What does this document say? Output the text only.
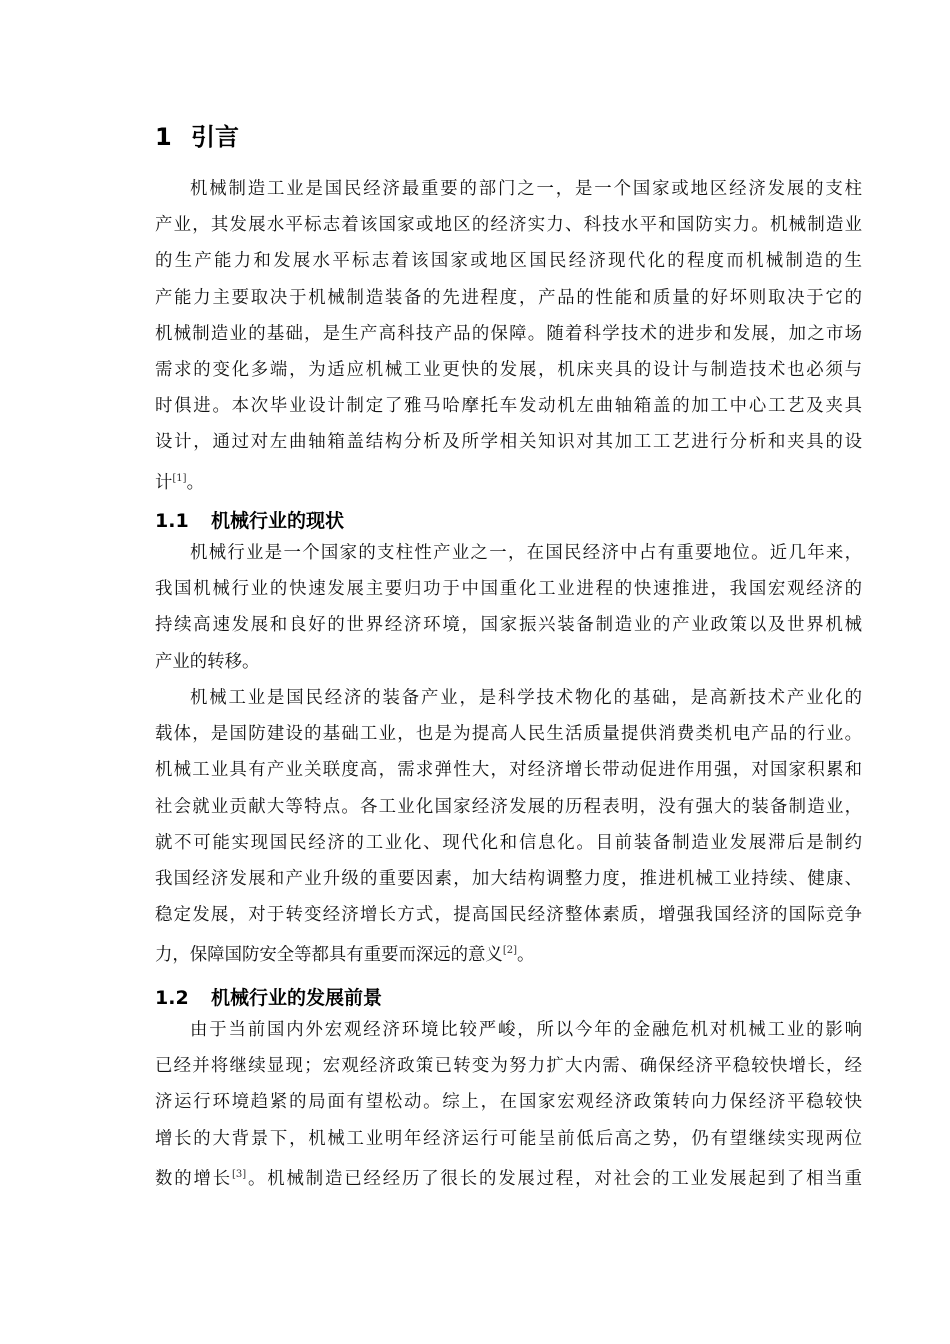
1 引言
机械制造工业是国民经济最重要的部门之一，是一个国家或地区经济发展的支柱
产业，其发展水平标志着该国家或地区的经济实力、科技水平和国防实力。机械制造业
的生产能力和发展水平标志着该国家或地区国民经济现代化的程度而机械制造的生
产能力主要取决于机械制造装备的先进程度，产品的性能和质量的好坏则取决于它的
机械制造业的基础，是生产高科技产品的保障。随着科学技术的进步和发展，加之市场
需求的变化多端，为适应机械工业更快的发展，机床夹具的设计与制造技术也必须与
时俱进。本次毕业设计制定了雅马哈摩托车发动机左曲轴箱盖的加工中心工艺及夹具
设计，通过对左曲轴箱盖结构分析及所学相关知识对其加工工艺进行分析和夹具的设
计[1]。
1.1 机械行业的现状
机械行业是一个国家的支柱性产业之一，在国民经济中占有重要地位。近几年来，
我国机械行业的快速发展主要归功于中国重化工业进程的快速推进，我国宏观经济的
持续高速发展和良好的世界经济环境，国家振兴装备制造业的产业政策以及世界机械
产业的转移。
机械工业是国民经济的装备产业，是科学技术物化的基础，是高新技术产业化的
载体，是国防建设的基础工业，也是为提高人民生活质量提供消费类机电产品的行业。
机械工业具有产业关联度高，需求弹性大，对经济增长带动促进作用强，对国家积累和
社会就业贡献大等特点。各工业化国家经济发展的历程表明，没有强大的装备制造业，
就不可能实现国民经济的工业化、现代化和信息化。目前装备制造业发展滞后是制约
我国经济发展和产业升级的重要因素，加大结构调整力度，推进机械工业持续、健康、
稳定发展，对于转变经济增长方式，提高国民经济整体素质，增强我国经济的国际竞争
力，保障国防安全等都具有重要而深远的意义[2]。
1.2 机械行业的发展前景
由于当前国内外宏观经济环境比较严峻，所以今年的金融危机对机械工业的影响
已经并将继续显现；宏观经济政策已转变为努力扩大内需、确保经济平稳较快增长，经
济运行环境趋紧的局面有望松动。综上，在国家宏观经济政策转向力保经济平稳较快
增长的大背景下，机械工业明年经济运行可能呈前低后高之势，仍有望继续实现两位
数的增长[3]。机械制造已经经历了很长的发展过程，对社会的工业发展起到了相当重
